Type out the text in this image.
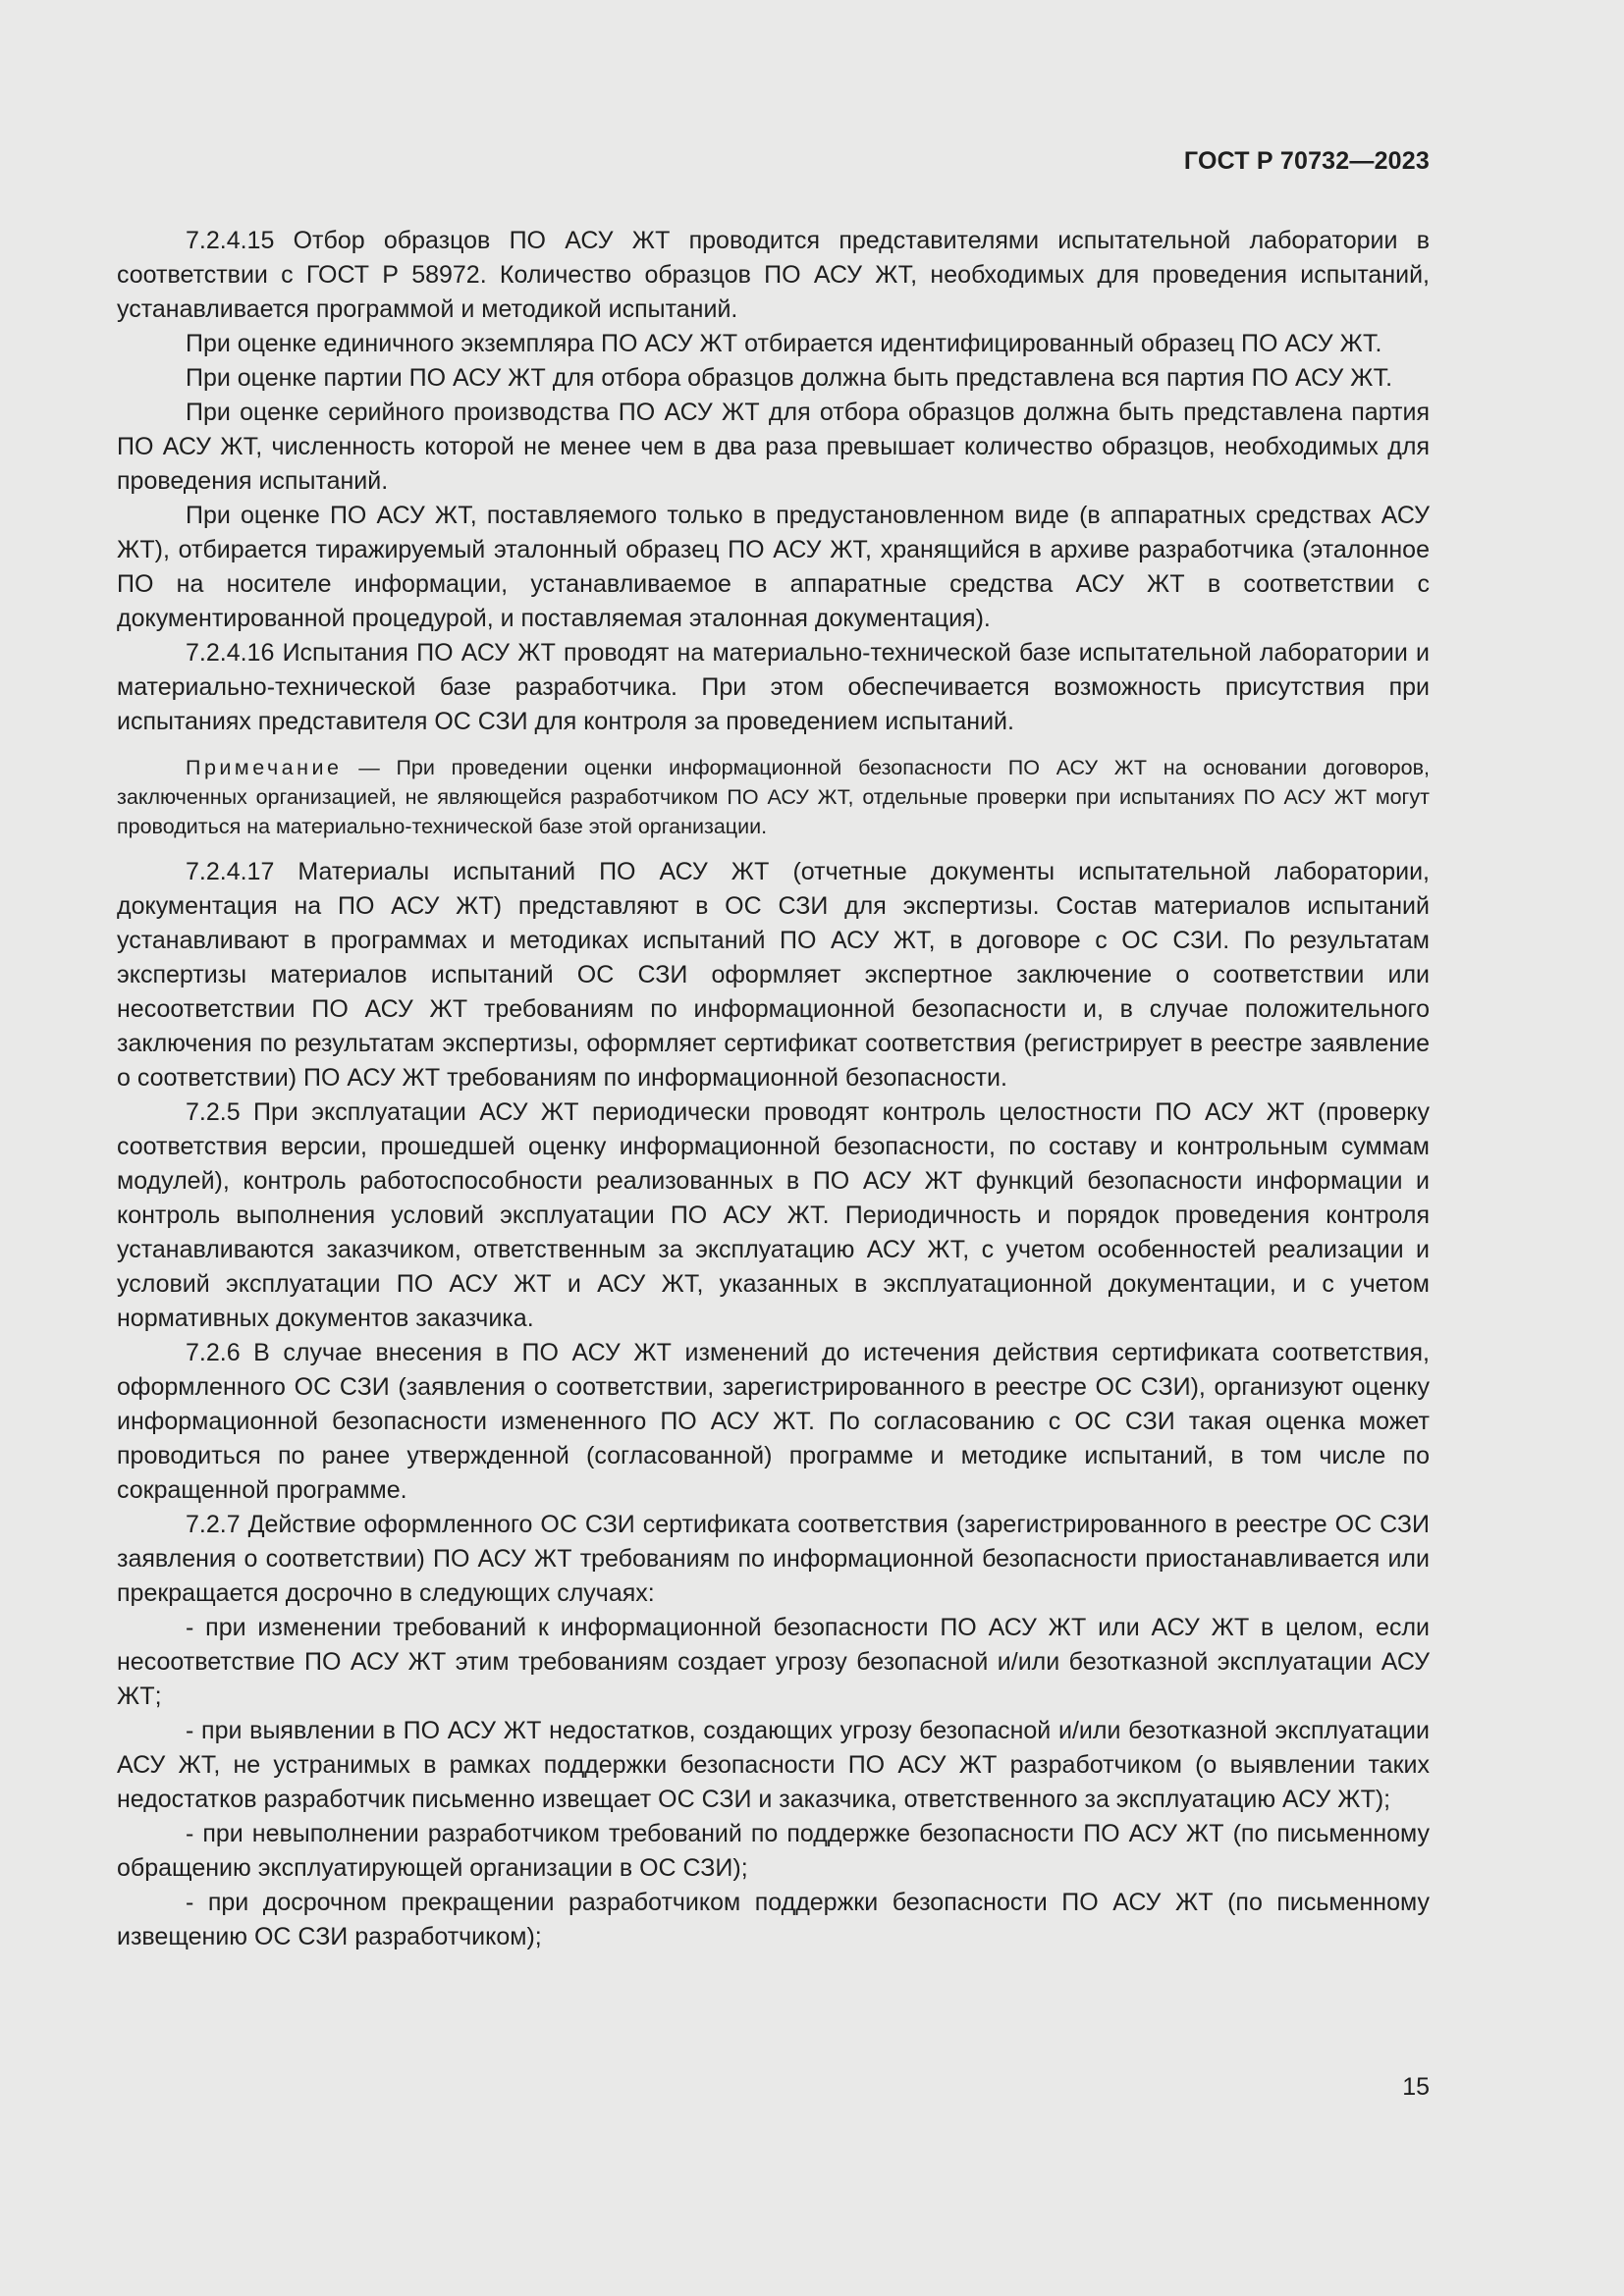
ГОСТ Р 70732—2023

7.2.4.15 Отбор образцов ПО АСУ ЖТ проводится представителями испытательной лаборатории в соответствии с ГОСТ Р 58972. Количество образцов ПО АСУ ЖТ, необходимых для проведения испытаний, устанавливается программой и методикой испытаний.

При оценке единичного экземпляра ПО АСУ ЖТ отбирается идентифицированный образец ПО АСУ ЖТ.

При оценке партии ПО АСУ ЖТ для отбора образцов должна быть представлена вся партия ПО АСУ ЖТ.

При оценке серийного производства ПО АСУ ЖТ для отбора образцов должна быть представлена партия ПО АСУ ЖТ, численность которой не менее чем в два раза превышает количество образцов, необходимых для проведения испытаний.

При оценке ПО АСУ ЖТ, поставляемого только в предустановленном виде (в аппаратных средствах АСУ ЖТ), отбирается тиражируемый эталонный образец ПО АСУ ЖТ, хранящийся в архиве разработчика (эталонное ПО на носителе информации, устанавливаемое в аппаратные средства АСУ ЖТ в соответствии с документированной процедурой, и поставляемая эталонная документация).

7.2.4.16 Испытания ПО АСУ ЖТ проводят на материально-технической базе испытательной лаборатории и материально-технической базе разработчика. При этом обеспечивается возможность присутствия при испытаниях представителя ОС СЗИ для контроля за проведением испытаний.

Примечание — При проведении оценки информационной безопасности ПО АСУ ЖТ на основании договоров, заключенных организацией, не являющейся разработчиком ПО АСУ ЖТ, отдельные проверки при испытаниях ПО АСУ ЖТ могут проводиться на материально-технической базе этой организации.

7.2.4.17 Материалы испытаний ПО АСУ ЖТ (отчетные документы испытательной лаборатории, документация на ПО АСУ ЖТ) представляют в ОС СЗИ для экспертизы. Состав материалов испытаний устанавливают в программах и методиках испытаний ПО АСУ ЖТ, в договоре с ОС СЗИ. По результатам экспертизы материалов испытаний ОС СЗИ оформляет экспертное заключение о соответствии или несоответствии ПО АСУ ЖТ требованиям по информационной безопасности и, в случае положительного заключения по результатам экспертизы, оформляет сертификат соответствия (регистрирует в реестре заявление о соответствии) ПО АСУ ЖТ требованиям по информационной безопасности.

7.2.5 При эксплуатации АСУ ЖТ периодически проводят контроль целостности ПО АСУ ЖТ (проверку соответствия версии, прошедшей оценку информационной безопасности, по составу и контрольным суммам модулей), контроль работоспособности реализованных в ПО АСУ ЖТ функций безопасности информации и контроль выполнения условий эксплуатации ПО АСУ ЖТ. Периодичность и порядок проведения контроля устанавливаются заказчиком, ответственным за эксплуатацию АСУ ЖТ, с учетом особенностей реализации и условий эксплуатации ПО АСУ ЖТ и АСУ ЖТ, указанных в эксплуатационной документации, и с учетом нормативных документов заказчика.

7.2.6 В случае внесения в ПО АСУ ЖТ изменений до истечения действия сертификата соответствия, оформленного ОС СЗИ (заявления о соответствии, зарегистрированного в реестре ОС СЗИ), организуют оценку информационной безопасности измененного ПО АСУ ЖТ. По согласованию с ОС СЗИ такая оценка может проводиться по ранее утвержденной (согласованной) программе и методике испытаний, в том числе по сокращенной программе.

7.2.7 Действие оформленного ОС СЗИ сертификата соответствия (зарегистрированного в реестре ОС СЗИ заявления о соответствии) ПО АСУ ЖТ требованиям по информационной безопасности приостанавливается или прекращается досрочно в следующих случаях:

- при изменении требований к информационной безопасности ПО АСУ ЖТ или АСУ ЖТ в целом, если несоответствие ПО АСУ ЖТ этим требованиям создает угрозу безопасной и/или безотказной эксплуатации АСУ ЖТ;

- при выявлении в ПО АСУ ЖТ недостатков, создающих угрозу безопасной и/или безотказной эксплуатации АСУ ЖТ, не устранимых в рамках поддержки безопасности ПО АСУ ЖТ разработчиком (о выявлении таких недостатков разработчик письменно извещает ОС СЗИ и заказчика, ответственного за эксплуатацию АСУ ЖТ);

- при невыполнении разработчиком требований по поддержке безопасности ПО АСУ ЖТ (по письменному обращению эксплуатирующей организации в ОС СЗИ);

- при досрочном прекращении разработчиком поддержки безопасности ПО АСУ ЖТ (по письменному извещению ОС СЗИ разработчиком);

15
